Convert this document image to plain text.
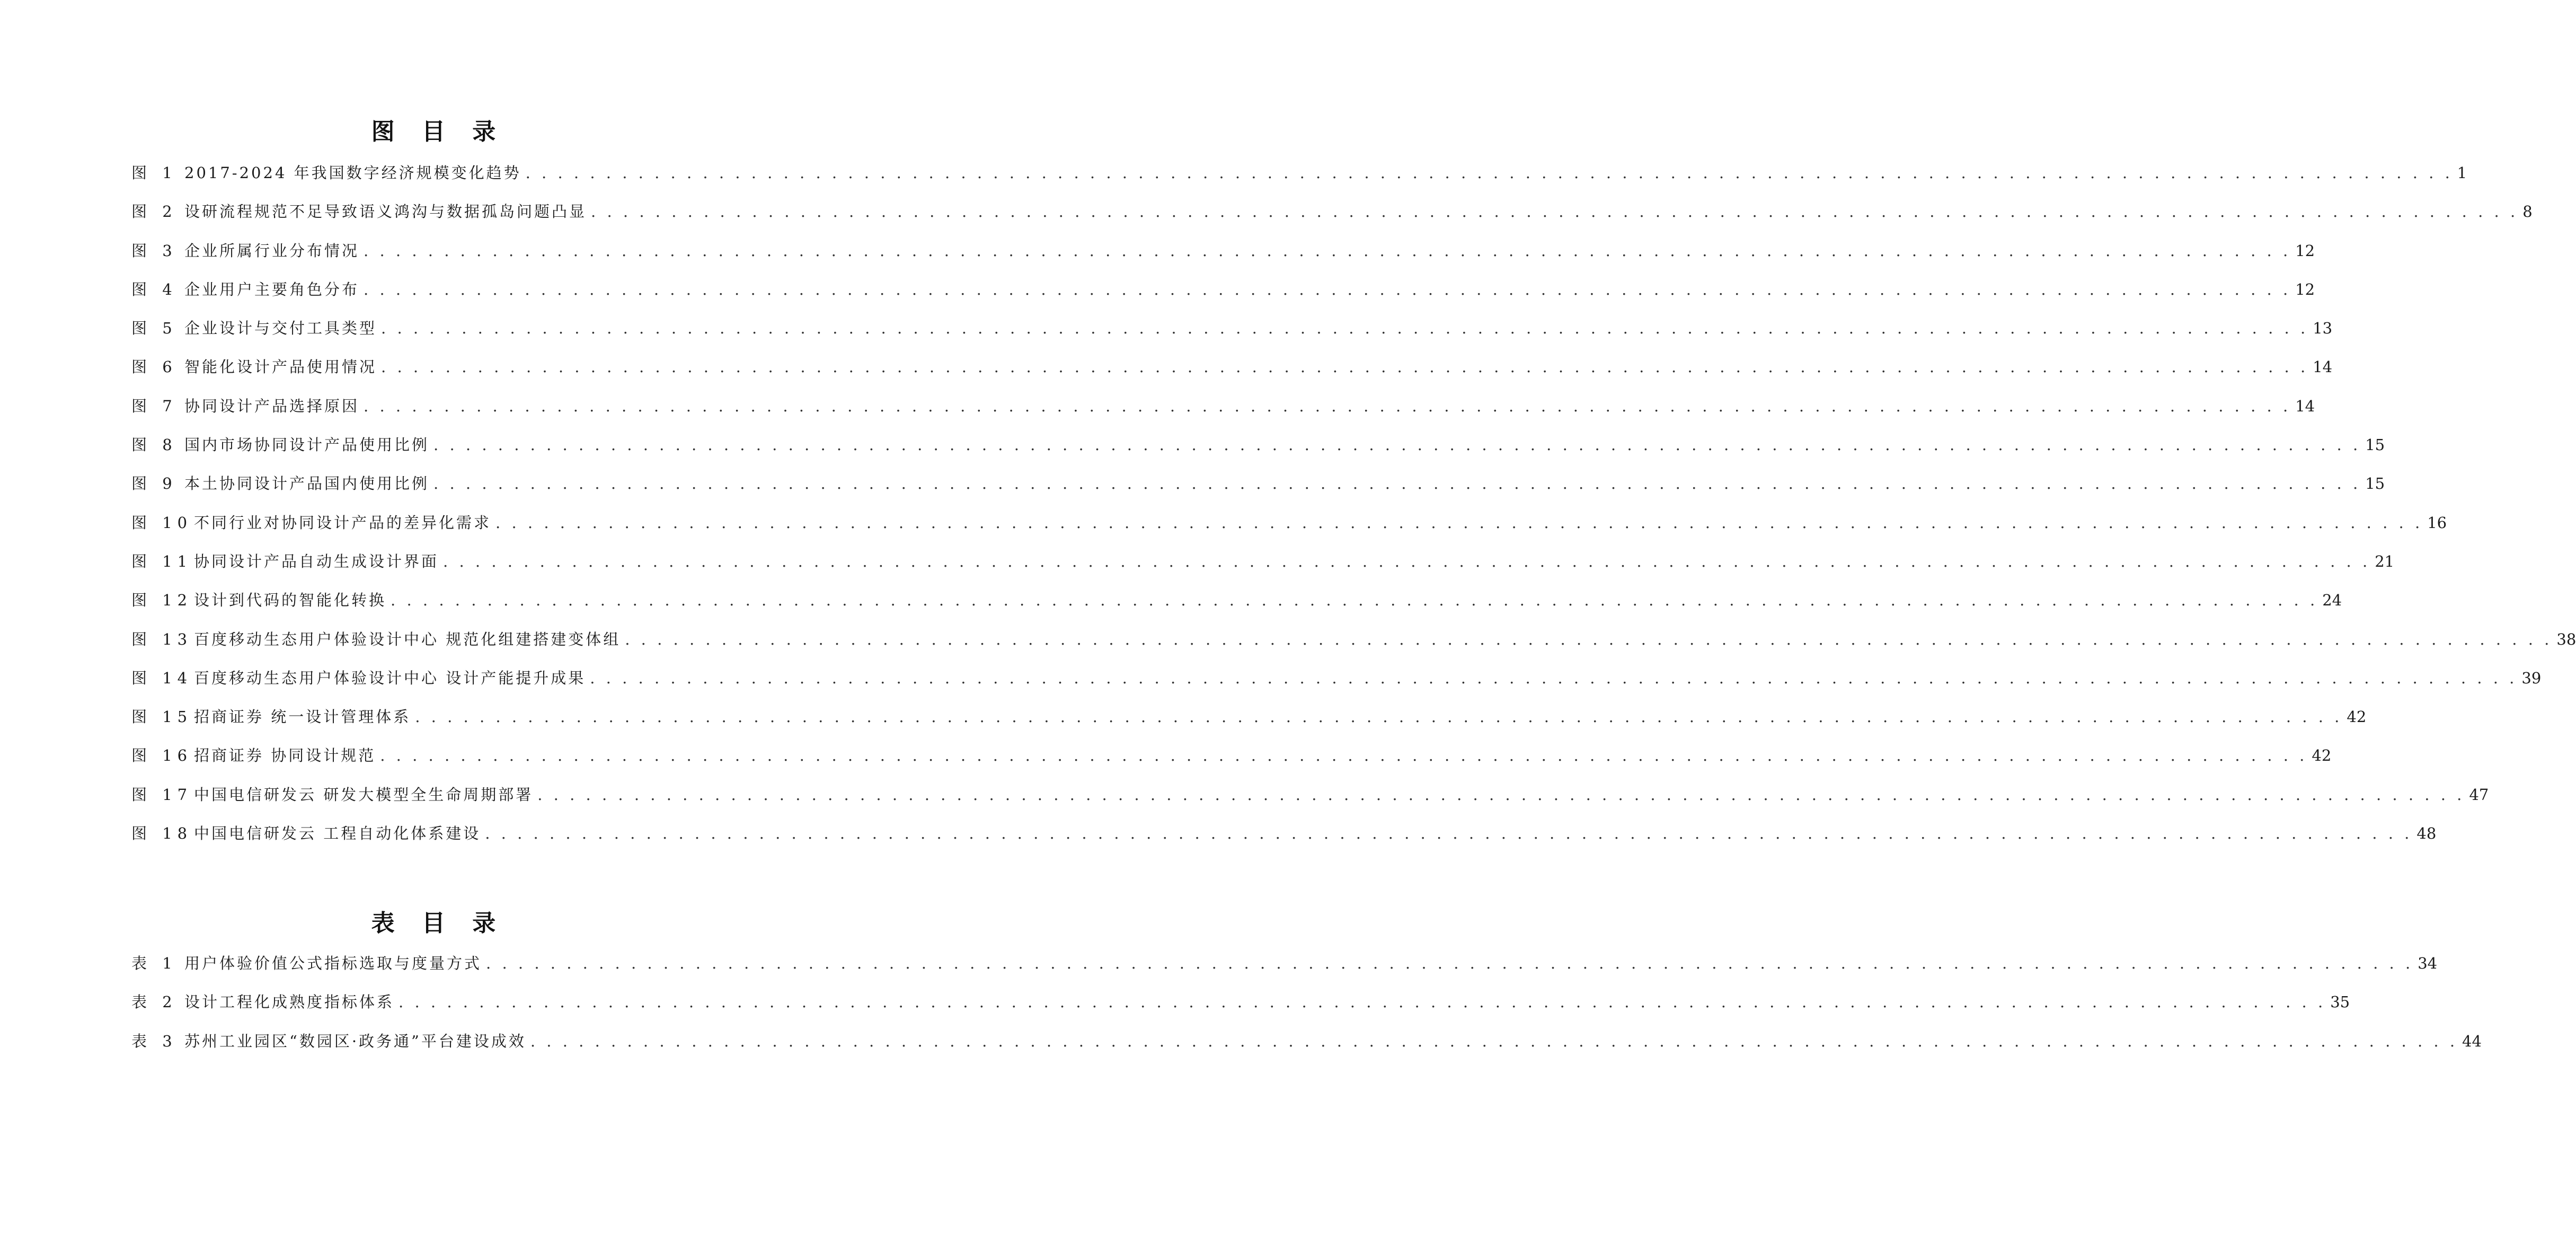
图 目 录
图 1 2017-2024 年我国数字经济规模变化趋势 . . . . . . . . . . . . . . . . . . . . . . . . . . . . . . . . . . . . . . . . . . . . . . . . . . . . . . . . . . . . . . . . . . . . . . . . . . . . . . . . . . . . . . . . . . . . . . . . . . . . . . . . . . . . . . . . . . . . . . . . 1
图 2 设研流程规范不足导致语义鸿沟与数据孤岛问题凸显 . . . . . . . . . . . . . . . . . . . . . . . . . . . . . . . . . . . . . . . . . . . . . . . . . . . . . . . . . . . . . . . . . . . . . . . . . . . . . . . . . . . . . . . . . . . . . . . . . . . . . . . . . . . . . . . . . . . . . . . . 8
图 3 企业所属行业分布情况 . . . . . . . . . . . . . . . . . . . . . . . . . . . . . . . . . . . . . . . . . . . . . . . . . . . . . . . . . . . . . . . . . . . . . . . . . . . . . . . . . . . . . . . . . . . . . . . . . . . . . . . . . . . . . . . . . . . . . . . . 12
图 4 企业用户主要角色分布 . . . . . . . . . . . . . . . . . . . . . . . . . . . . . . . . . . . . . . . . . . . . . . . . . . . . . . . . . . . . . . . . . . . . . . . . . . . . . . . . . . . . . . . . . . . . . . . . . . . . . . . . . . . . . . . . . . . . . . . . 12
图 5 企业设计与交付工具类型 . . . . . . . . . . . . . . . . . . . . . . . . . . . . . . . . . . . . . . . . . . . . . . . . . . . . . . . . . . . . . . . . . . . . . . . . . . . . . . . . . . . . . . . . . . . . . . . . . . . . . . . . . . . . . . . . . . . . . . . . 13
图 6 智能化设计产品使用情况 . . . . . . . . . . . . . . . . . . . . . . . . . . . . . . . . . . . . . . . . . . . . . . . . . . . . . . . . . . . . . . . . . . . . . . . . . . . . . . . . . . . . . . . . . . . . . . . . . . . . . . . . . . . . . . . . . . . . . . . . 14
图 7 协同设计产品选择原因 . . . . . . . . . . . . . . . . . . . . . . . . . . . . . . . . . . . . . . . . . . . . . . . . . . . . . . . . . . . . . . . . . . . . . . . . . . . . . . . . . . . . . . . . . . . . . . . . . . . . . . . . . . . . . . . . . . . . . . . . 14
图 8 国内市场协同设计产品使用比例 . . . . . . . . . . . . . . . . . . . . . . . . . . . . . . . . . . . . . . . . . . . . . . . . . . . . . . . . . . . . . . . . . . . . . . . . . . . . . . . . . . . . . . . . . . . . . . . . . . . . . . . . . . . . . . . . . . . . . . . . 15
图 9 本土协同设计产品国内使用比例 . . . . . . . . . . . . . . . . . . . . . . . . . . . . . . . . . . . . . . . . . . . . . . . . . . . . . . . . . . . . . . . . . . . . . . . . . . . . . . . . . . . . . . . . . . . . . . . . . . . . . . . . . . . . . . . . . . . . . . . . 15
图 10 不同行业对协同设计产品的差异化需求 . . . . . . . . . . . . . . . . . . . . . . . . . . . . . . . . . . . . . . . . . . . . . . . . . . . . . . . . . . . . . . . . . . . . . . . . . . . . . . . . . . . . . . . . . . . . . . . . . . . . . . . . . . . . . . . . . . . . . . . . 16
图 11 协同设计产品自动生成设计界面 . . . . . . . . . . . . . . . . . . . . . . . . . . . . . . . . . . . . . . . . . . . . . . . . . . . . . . . . . . . . . . . . . . . . . . . . . . . . . . . . . . . . . . . . . . . . . . . . . . . . . . . . . . . . . . . . . . . . . . . . 21
图 12 设计到代码的智能化转换 . . . . . . . . . . . . . . . . . . . . . . . . . . . . . . . . . . . . . . . . . . . . . . . . . . . . . . . . . . . . . . . . . . . . . . . . . . . . . . . . . . . . . . . . . . . . . . . . . . . . . . . . . . . . . . . . . . . . . . . . 24
图 13 百度移动生态用户体验设计中心 规范化组建搭建变体组 . . . . . . . . . . . . . . . . . . . . . . . . . . . . . . . . . . . . . . . . . . . . . . . . . . . . . . . . . . . . . . . . . . . . . . . . . . . . . . . . . . . . . . . . . . . . . . . . . . . . . . . . . . . . . . . . . . . . . . . . 38
图 14 百度移动生态用户体验设计中心 设计产能提升成果 . . . . . . . . . . . . . . . . . . . . . . . . . . . . . . . . . . . . . . . . . . . . . . . . . . . . . . . . . . . . . . . . . . . . . . . . . . . . . . . . . . . . . . . . . . . . . . . . . . . . . . . . . . . . . . . . . . . . . . . . 39
图 15 招商证券 统一设计管理体系 . . . . . . . . . . . . . . . . . . . . . . . . . . . . . . . . . . . . . . . . . . . . . . . . . . . . . . . . . . . . . . . . . . . . . . . . . . . . . . . . . . . . . . . . . . . . . . . . . . . . . . . . . . . . . . . . . . . . . . . . 42
图 16 招商证券 协同设计规范 . . . . . . . . . . . . . . . . . . . . . . . . . . . . . . . . . . . . . . . . . . . . . . . . . . . . . . . . . . . . . . . . . . . . . . . . . . . . . . . . . . . . . . . . . . . . . . . . . . . . . . . . . . . . . . . . . . . . . . . . 42
图 17 中国电信研发云 研发大模型全生命周期部署 . . . . . . . . . . . . . . . . . . . . . . . . . . . . . . . . . . . . . . . . . . . . . . . . . . . . . . . . . . . . . . . . . . . . . . . . . . . . . . . . . . . . . . . . . . . . . . . . . . . . . . . . . . . . . . . . . . . . . . . . 47
图 18 中国电信研发云 工程自动化体系建设 . . . . . . . . . . . . . . . . . . . . . . . . . . . . . . . . . . . . . . . . . . . . . . . . . . . . . . . . . . . . . . . . . . . . . . . . . . . . . . . . . . . . . . . . . . . . . . . . . . . . . . . . . . . . . . . . . . . . . . . . 48
表 目 录
表 1 用户体验价值公式指标选取与度量方式 . . . . . . . . . . . . . . . . . . . . . . . . . . . . . . . . . . . . . . . . . . . . . . . . . . . . . . . . . . . . . . . . . . . . . . . . . . . . . . . . . . . . . . . . . . . . . . . . . . . . . . . . . . . . . . . . . . . . . . . . 34
表 2 设计工程化成熟度指标体系 . . . . . . . . . . . . . . . . . . . . . . . . . . . . . . . . . . . . . . . . . . . . . . . . . . . . . . . . . . . . . . . . . . . . . . . . . . . . . . . . . . . . . . . . . . . . . . . . . . . . . . . . . . . . . . . . . . . . . . . . 35
表 3 苏州工业园区“数园区·政务通”平台建设成效 . . . . . . . . . . . . . . . . . . . . . . . . . . . . . . . . . . . . . . . . . . . . . . . . . . . . . . . . . . . . . . . . . . . . . . . . . . . . . . . . . . . . . . . . . . . . . . . . . . . . . . . . . . . . . . . . . . . . . . . . 44
